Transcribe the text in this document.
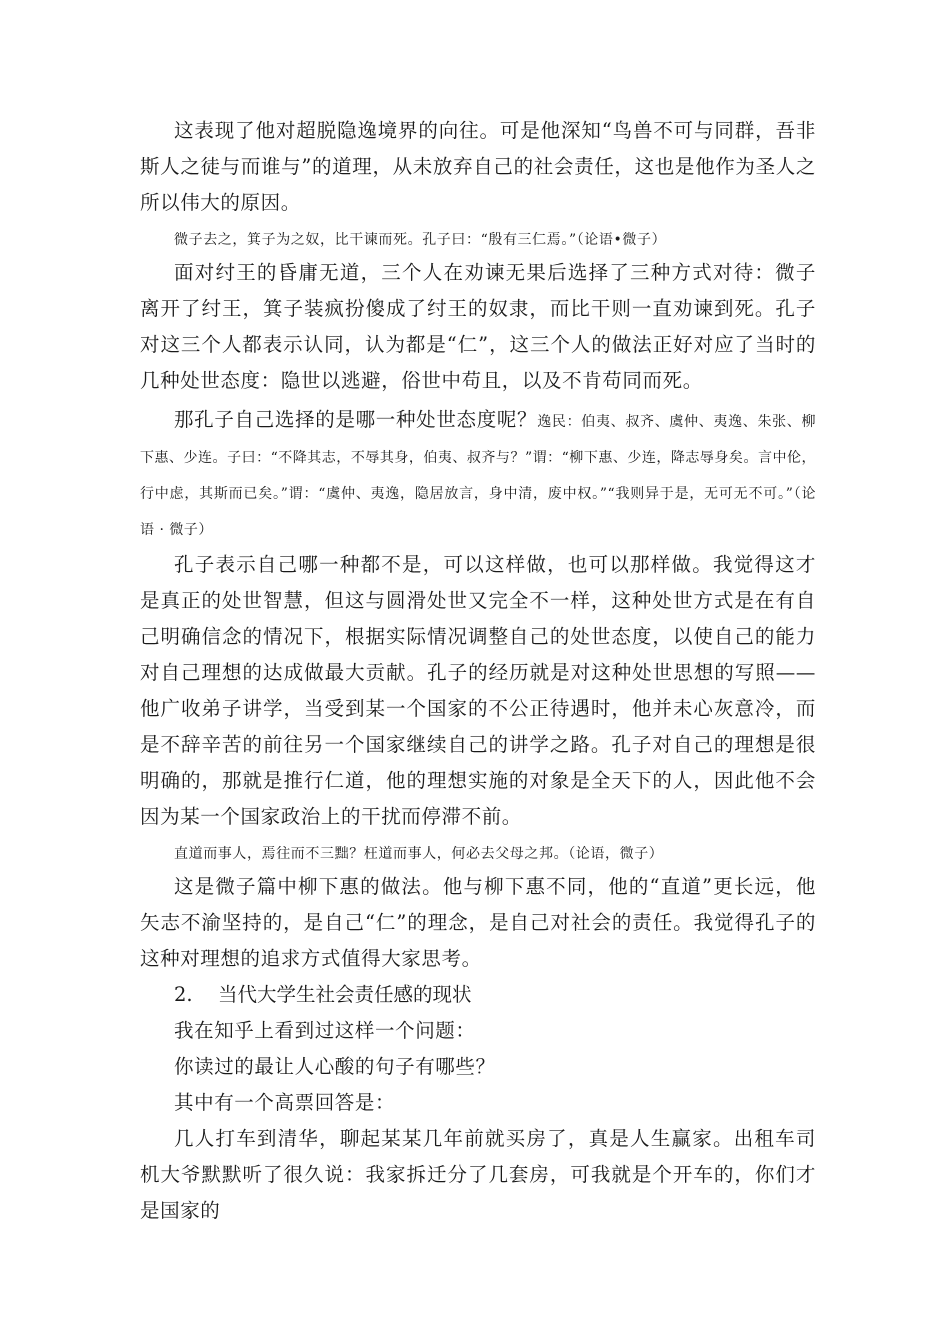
这表现了他对超脱隐逸境界的向往。可是他深知“鸟兽不可与同群，吾非斯人之徒与而谁与”的道理，从未放弃自己的社会责任，这也是他作为圣人之所以伟大的原因。

微子去之，箕子为之奴，比干谏而死。孔子曰：“殷有三仁焉。”（论语•微子）

面对纣王的昏庸无道，三个人在劝谏无果后选择了三种方式对待：微子离开了纣王，箕子装疯扮傻成了纣王的奴隶，而比干则一直劝谏到死。孔子对这三个人都表示认同，认为都是“仁”，这三个人的做法正好对应了当时的几种处世态度：隐世以逃避，俗世中苟且，以及不肯苟同而死。

那孔子自己选择的是哪一种处世态度呢？逸民：伯夷、叔齐、虞仲、夷逸、朱张、柳下惠、少连。子曰：“不降其志，不辱其身，伯夷、叔齐与？”谓：“柳下惠、少连，降志辱身矣。言中伦，行中虑，其斯而已矣。”谓：“虞仲、夷逸，隐居放言，身中清，废中权。”“我则异于是，无可无不可。”（论语 · 微子）

孔子表示自己哪一种都不是，可以这样做，也可以那样做。我觉得这才是真正的处世智慧，但这与圆滑处世又完全不一样，这种处世方式是在有自己明确信念的情况下，根据实际情况调整自己的处世态度，以使自己的能力对自己理想的达成做最大贡献。孔子的经历就是对这种处世思想的写照——他广收弟子讲学，当受到某一个国家的不公正待遇时，他并未心灰意冷，而是不辞辛苦的前往另一个国家继续自己的讲学之路。孔子对自己的理想是很明确的，那就是推行仁道，他的理想实施的对象是全天下的人，因此他不会因为某一个国家政治上的干扰而停滞不前。

直道而事人，焉往而不三黜？枉道而事人，何必去父母之邦。（论语，微子）

这是微子篇中柳下惠的做法。他与柳下惠不同，他的“直道”更长远，他矢志不渝坚持的，是自己“仁”的理念，是自己对社会的责任。我觉得孔子的这种对理想的追求方式值得大家思考。

2. 当代大学生社会责任感的现状

我在知乎上看到过这样一个问题：

你读过的最让人心酸的句子有哪些？

其中有一个高票回答是：

几人打车到清华，聊起某某几年前就买房了，真是人生赢家。出租车司机大爷默默听了很久说：我家拆迁分了几套房，可我就是个开车的，你们才是国家的
